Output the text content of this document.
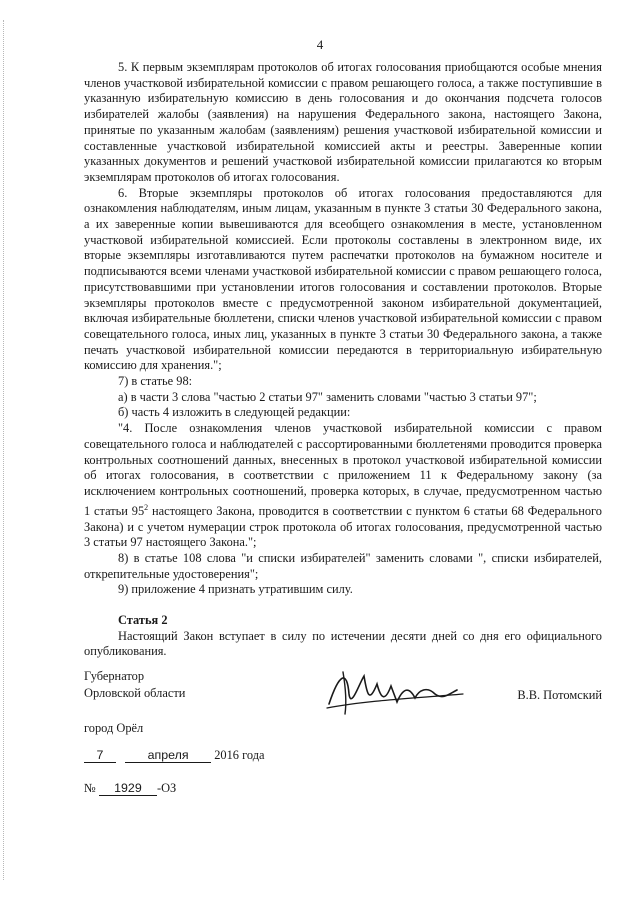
4

5. К первым экземплярам протоколов об итогах голосования приобщаются особые мнения членов участковой избирательной комиссии с правом решающего голоса, а также поступившие в указанную избирательную комиссию в день голосования и до окончания подсчета голосов избирателей жалобы (заявления) на нарушения Федерального закона, настоящего Закона, принятые по указанным жалобам (заявлениям) решения участковой избирательной комиссии и составленные участковой избирательной комиссией акты и реестры. Заверенные копии указанных документов и решений участковой избирательной комиссии прилагаются ко вторым экземплярам протоколов об итогах голосования.

6. Вторые экземпляры протоколов об итогах голосования предоставляются для ознакомления наблюдателям, иным лицам, указанным в пункте 3 статьи 30 Федерального закона, а их заверенные копии вывешиваются для всеобщего ознакомления в месте, установленном участковой избирательной комиссией. Если протоколы составлены в электронном виде, их вторые экземпляры изготавливаются путем распечатки протоколов на бумажном носителе и подписываются всеми членами участковой избирательной комиссии с правом решающего голоса, присутствовавшими при установлении итогов голосования и составлении протоколов. Вторые экземпляры протоколов вместе с предусмотренной законом избирательной документацией, включая избирательные бюллетени, списки членов участковой избирательной комиссии с правом совещательного голоса, иных лиц, указанных в пункте 3 статьи 30 Федерального закона, а также печать участковой избирательной комиссии передаются в территориальную избирательную комиссию для хранения.";

7) в статье 98:

а) в части 3 слова "частью 2 статьи 97" заменить словами "частью 3 статьи 97";

б) часть 4 изложить в следующей редакции:

"4. После ознакомления членов участковой избирательной комиссии с правом совещательного голоса и наблюдателей с рассортированными бюллетенями проводится проверка контрольных соотношений данных, внесенных в протокол участковой избирательной комиссии об итогах голосования, в соответствии с приложением 11 к Федеральному закону (за исключением контрольных соотношений, проверка которых, в случае, предусмотренном частью 1 статьи $95^2$ настоящего Закона, проводится в соответствии с пунктом 6 статьи 68 Федерального Закона) и с учетом нумерации строк протокола об итогах голосования, предусмотренной частью 3 статьи 97 настоящего Закона.";

8) в статье 108 слова "и списки избирателей" заменить словами ", списки избирателей, открепительные удостоверения";

9) приложение 4 признать утратившим силу.

Статья 2

Настоящий Закон вступает в силу по истечении десяти дней со дня его официального опубликования.

Губернатор
Орловской области	В.В. Потомский
город Орёл
7	апреля 2016 года
№ 1929 -ОЗ
